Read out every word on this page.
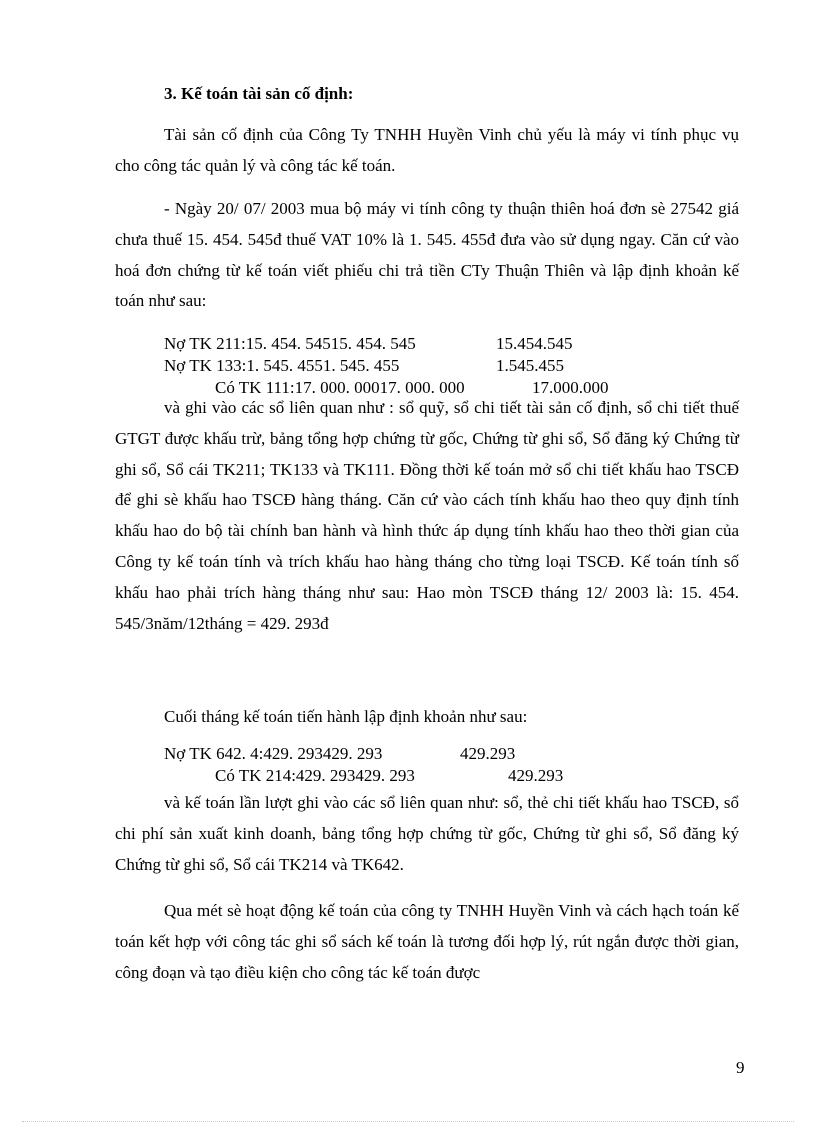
3. Kế toán tài sản cố định:

Tài sản cố định của Công Ty TNHH Huyền Vinh chủ yếu là máy vi tính phục vụ cho công tác quản lý và công tác kế toán.

- Ngày 20/ 07/ 2003 mua bộ máy vi tính công ty thuận thiên hoá đơn sè 27542 giá chưa thuế 15. 454. 545đ thuế VAT 10% là 1. 545. 455đ đưa vào sử dụng ngay. Căn cứ vào hoá đơn chứng từ kế toán viết phiếu chi trả tiền CTy Thuận Thiên và lập định khoản kế toán như sau:

Nợ TK 211:15. 454. 54515. 454. 545	15.454.545
Nợ TK 133:1. 545. 4551. 545. 455	1.545.455
Có TK 111:17. 000. 00017. 000. 000	17.000.000

và ghi vào các sổ liên quan như : sổ quỹ, sổ chi tiết tài sản cố định, sổ chi tiết thuế GTGT được khấu trừ, bảng tổng hợp chứng từ gốc, Chứng từ ghi sổ, Sổ đăng ký Chứng từ ghi sổ, Sổ cái TK211; TK133 và TK111. Đồng thời kế toán mở sổ chi tiết khấu hao TSCĐ để ghi sè khấu hao TSCĐ hàng tháng. Căn cứ vào cách tính khấu hao theo quy định tính khấu hao do bộ tài chính ban hành và hình thức áp dụng tính khấu hao theo thời gian của Công ty kế toán tính và trích khấu hao hàng tháng cho từng loại TSCĐ. Kế toán tính số khấu hao phải trích hàng tháng như sau: Hao mòn TSCĐ tháng 12/ 2003 là: 15. 454. 545/3năm/12tháng = 429. 293đ

Cuối tháng kế toán tiến hành lập định khoản như sau:

Nợ TK 642. 4:429. 293429. 293	429.293
Có TK 214:429. 293429. 293	429.293

và kế toán lần lượt ghi vào các sổ liên quan như: sổ, thẻ chi tiết khấu hao TSCĐ, sổ chi phí sản xuất kinh doanh, bảng tổng hợp chứng từ gốc, Chứng từ ghi sổ, Sổ đăng ký Chứng từ ghi sổ, Sổ cái TK214 và TK642.

Qua mét sè hoạt động kế toán của công ty TNHH Huyền Vinh và cách hạch toán kế toán kết hợp với công tác ghi sổ sách kế toán là tương đối hợp lý, rút ngắn được thời gian, công đoạn và tạo điều kiện cho công tác kế toán được

9
